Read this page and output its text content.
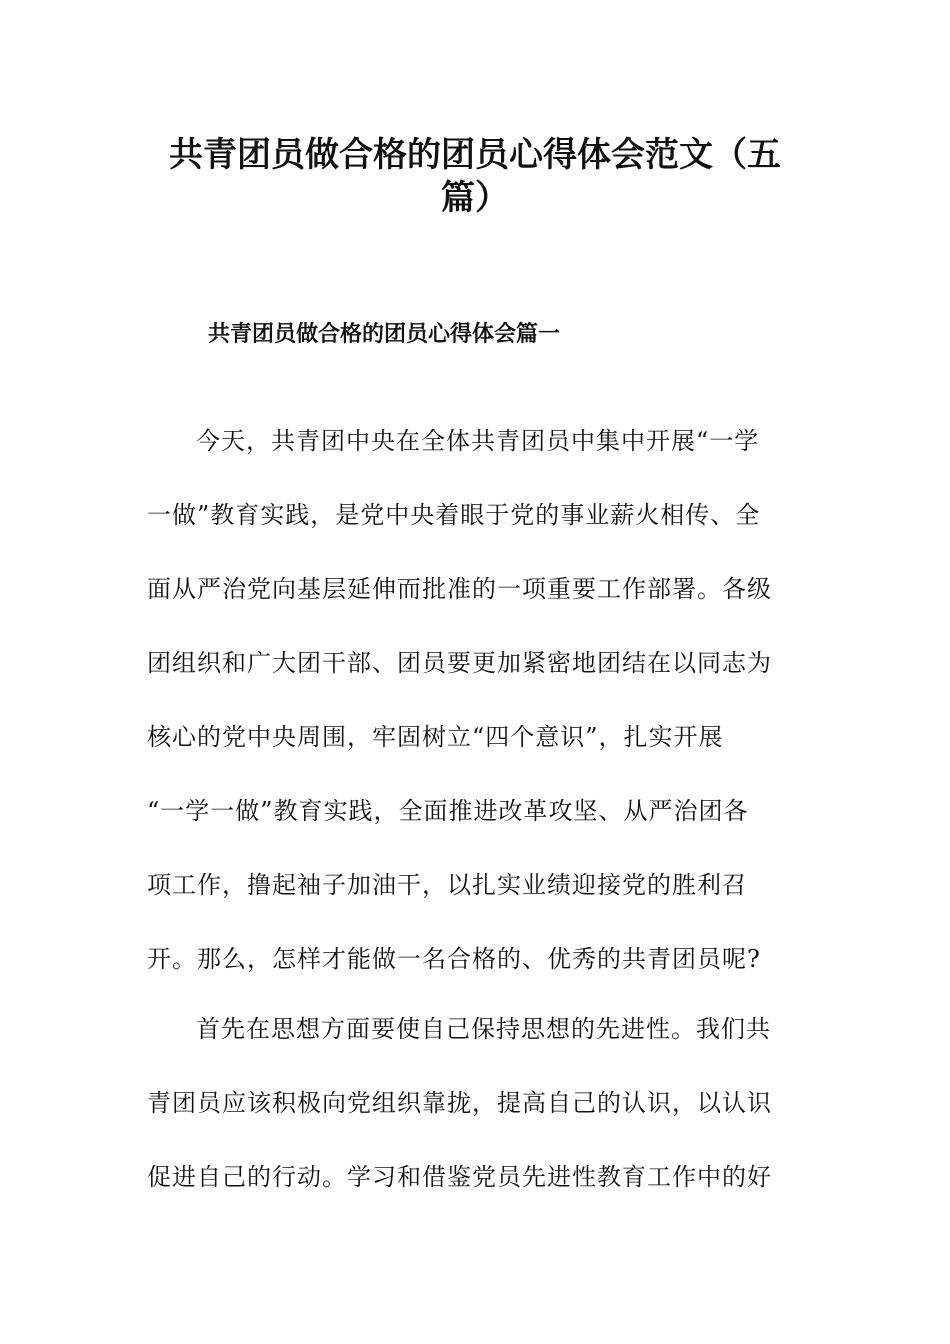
共青团员做合格的团员心得体会范文（五
篇）
共青团员做合格的团员心得体会篇一

今天，共青团中央在全体共青团员中集中开展“一学

一做”教育实践，是党中央着眼于党的事业薪火相传、全

面从严治党向基层延伸而批准的一项重要工作部署。各级

团组织和广大团干部、团员要更加紧密地团结在以同志为

核心的党中央周围，牢固树立“四个意识”，扎实开展

“一学一做”教育实践，全面推进改革攻坚、从严治团各

项工作，撸起袖子加油干，以扎实业绩迎接党的胜利召

开。那么，怎样才能做一名合格的、优秀的共青团员呢?

首先在思想方面要使自己保持思想的先进性。我们共

青团员应该积极向党组织靠拢，提高自己的认识，以认识

促进自己的行动。学习和借鉴党员先进性教育工作中的好
